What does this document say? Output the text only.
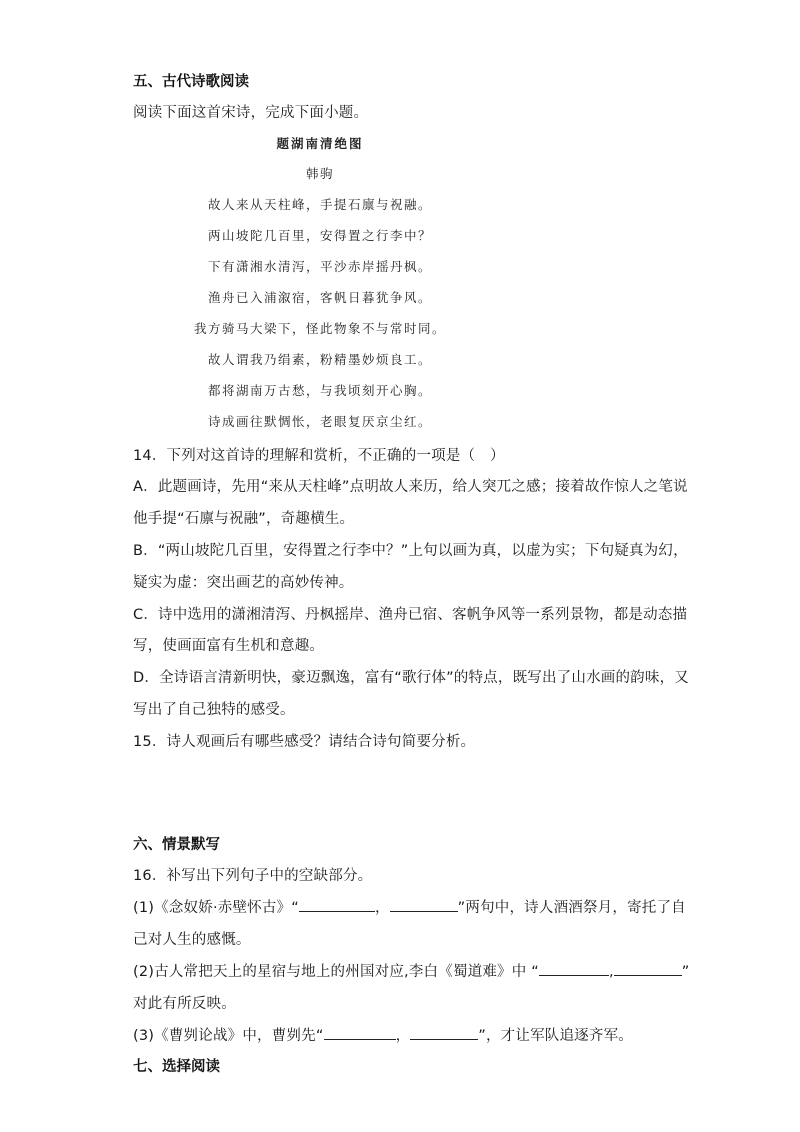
五、古代诗歌阅读
阅读下面这首宋诗，完成下面小题。
题湖南清绝图
韩驹
故人来从天柱峰，手提石廪与祝融。
两山坡陀几百里，安得置之行李中？
下有潇湘水清泻，平沙赤岸摇丹枫。
渔舟已入浦溆宿，客帆日暮犹争风。
我方骑马大梁下，怪此物象不与常时同。
故人谓我乃绢素，粉精墨妙烦良工。
都将湖南万古愁，与我顷刻开心胸。
诗成画往默惆怅，老眼复厌京尘红。
14．下列对这首诗的理解和赏析，不正确的一项是（　）
A．此题画诗，先用“来从天柱峰”点明故人来历，给人突兀之感；接着故作惊人之笔说
他手提“石廪与祝融”，奇趣横生。
B．“两山坡陀几百里，安得置之行李中？”上句以画为真，以虚为实；下句疑真为幻，
疑实为虚：突出画艺的高妙传神。
C．诗中选用的潇湘清泻、丹枫摇岸、渔舟已宿、客帆争风等一系列景物，都是动态描
写，使画面富有生机和意趣。
D．全诗语言清新明快，豪迈飘逸，富有“歌行体”的特点，既写出了山水画的韵味，又
写出了自己独特的感受。
15．诗人观画后有哪些感受？请结合诗句简要分析。
六、情景默写
16．补写出下列句子中的空缺部分。
(1)《念奴娇·赤壁怀古》“	，	”两句中，诗人酒酒祭月，寄托了自
己对人生的感慨。
(2)古人常把天上的星宿与地上的州国对应,李白《蜀道难》中 “	,	”
对此有所反映。
(3)《曹刿论战》中，曹刿先“	，	”，才让军队追逐齐军。
七、选择阅读
